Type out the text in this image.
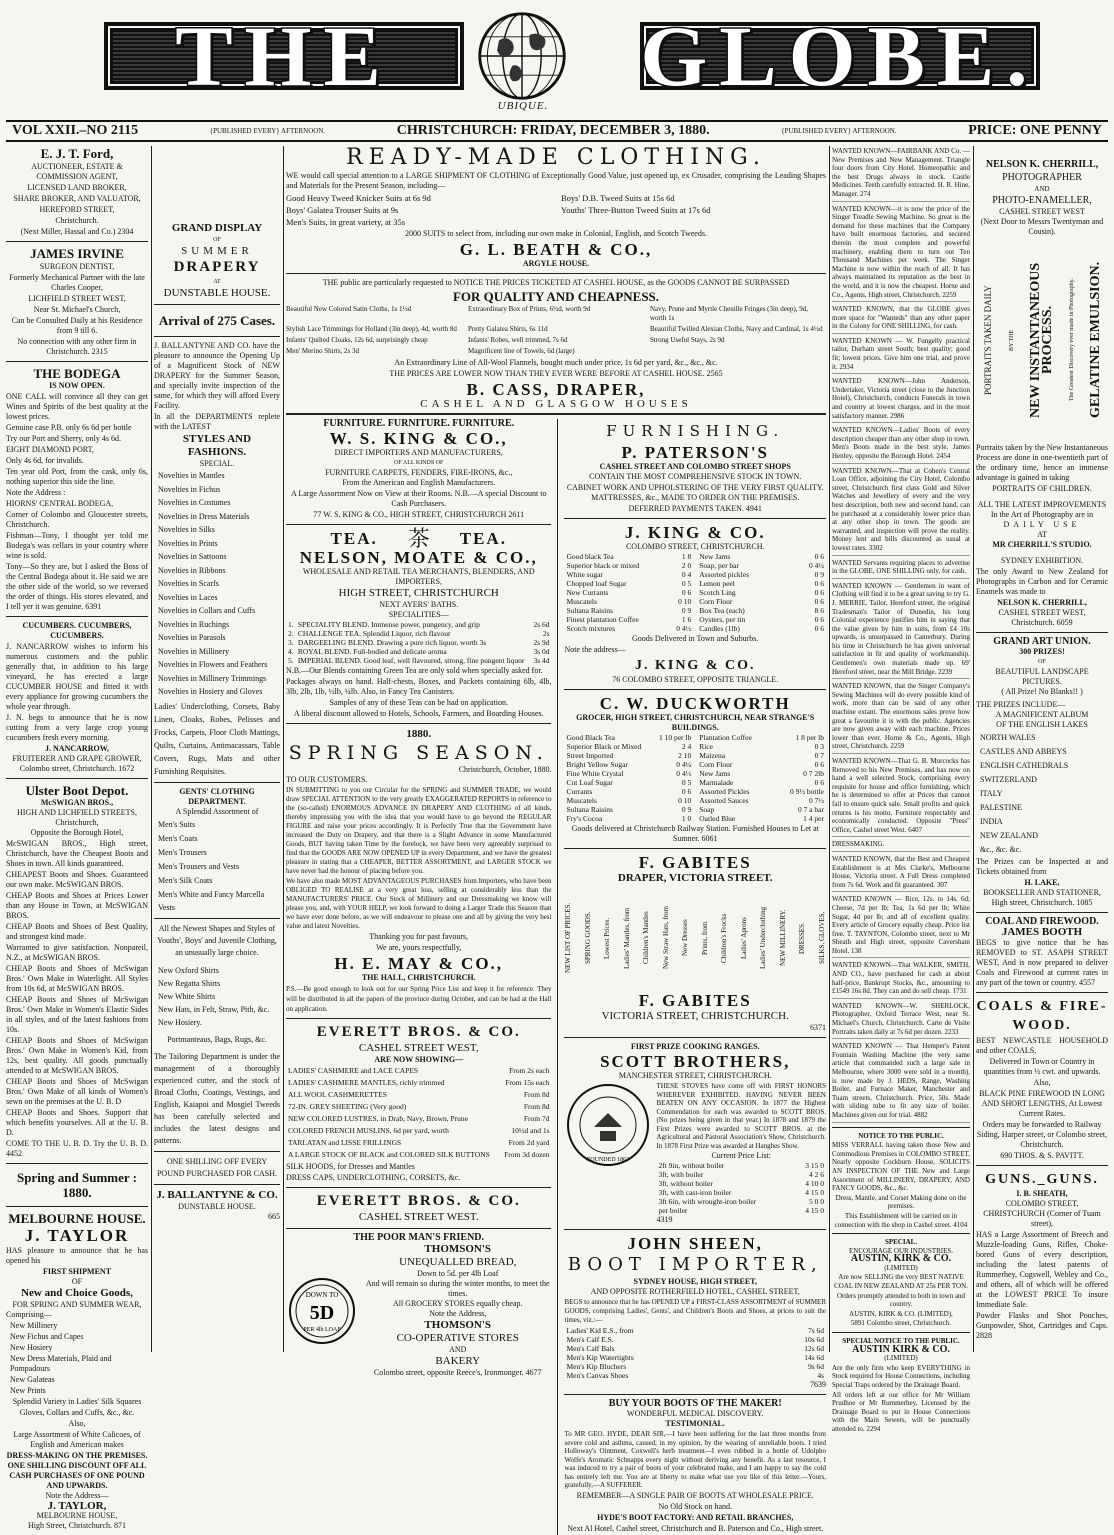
THE
UBIQUE.
GLOBE.
VOL XXII.–NO 2115	{PUBLISHED EVERY} AFTERNOON.	CHRISTCHURCH: FRIDAY, DECEMBER 3, 1880.	{PUBLISHED EVERY} AFTERNOON.	PRICE: ONE PENNY
E. J. T. Ford,

AUCTIONEER, ESTATE & COMMISSION AGENT,

LICENSED LAND BROKER,

SHARE BROKER, AND VALUATOR,

HEREFORD STREET,

Christchurch.

(Next Miller, Hassal and Co.) 2304

JAMES IRVINE

SURGEON DENTIST,

Formerly Mechanical Partner with the late Charles Cooper,

LICHFIELD STREET WEST,

Near St. Michael's Church,

Can be Consulted Daily at his Residence from 9 till 6.

No connection with any other firm in Christchurch. 2315

THE BODEGA
IS NOW OPEN.

ONE CALL will convince all they can get Wines and Spirits of the best quality at the lowest prices.

Genuine case P.B. only 6s 6d per bottle

Try our Port and Sherry, only 4s 6d.

EIGHT DIAMOND PORT,

Only 4s 6d, for invalids.

Ten year old Port, from the cask, only 6s, nothing superior this side the line.

Note the Address :

HIORNS' CENTRAL BODEGA,

Corner of Colombo and Gloucester streets, Christchurch.

Fishman—Tony, I thought yer told me Bodega's was cellars in your country where wine is sold.

Tony—So they are, but I asked the Boss of the Central Bodega about it. He said we are the other side of the world, so we reversed the order of things. His stores elevated, and I tell yer it was genuine. 6391

CUCUMBERS. CUCUMBERS, CUCUMBERS.

J. NANCARROW wishes to inform his numerous customers and the public generally that, in addition to his large vineyard, he has erected a large CUCUMBER HOUSE and fitted it with every appliance for growing cucumbers the whole year through.

J. N. begs to announce that he is now cutting from a very large crop young cucumbers fresh every morning.

J. NANCARROW,
FRUITERER AND GRAPE GROWER,
Colombo street, Christchurch. 1672
Ulster Boot Depot.
McSWIGAN BROS.,
HIGH AND LICHFIELD STREETS, Christchurch,
Opposite the Borough Hotel,

McSWIGAN BROS., High street, Christchurch, have the Cheapest Boots and Shoes in town. All kinds guaranteed.

CHEAPEST Boots and Shoes. Guaranteed our own make. McSWIGAN BROS.

CHEAP Boots and Shoes at Prices Lower than any House in Town, at McSWIGAN BROS.

CHEAP Boots and Shoes of Best Quality, and strongest kind made.

Warranted to give satisfaction. Nonpareil, N.Z., at McSWIGAN BROS.

CHEAP Boots and Shoes of McSwigan Bros.' Own Make in Waterlight. All Styles from 10s 6d, at McSWIGAN BROS.

CHEAP Boots and Shoes of McSwigan Bros.' Own Make in Women's Elastic Sides in all styles, and of the latest fashions from 10s.

CHEAP Boots and Shoes of McSwigan Bros.' Own Make in Women's Kid, from 12s, best quality. All goods punctually attended to at McSWIGAN BROS.

CHEAP Boots and Shoes of McSwigan Bros.' Own Make of all kinds of Women's sewn on the premises at the U. B. D

CHEAP Boots and Shoes. Support that which benefits yourselves. All at the U. B. D.

COME TO THE U. B. D. Try the U. B. D. 4452

Spring and Summer : 1880.
MELBOURNE HOUSE.
J. TAYLOR

HAS pleasure to announce that he has opened his

FIRST SHIPMENT
OF
New and Choice Goods,
FOR SPRING AND SUMMER WEAR,
Comprising—

New Millinery

New Fichus and Capes

New Hosiery

New Dress Materials, Plaid and Pompadours

New Galateas

New Prints

Splendid Variety in Ladies' Silk Squares

Gloves, Collars and Cuffs, &c., &c.

Also,

Large Assortment of White Calicoes, of English and American makes

DRESS-MAKING ON THE PREMISES.
ONE SHILLING DISCOUNT OFF ALL CASH PURCHASES OF ONE POUND AND UPWARDS.
Note the Address—
J. TAYLOR,
MELBOURNE HOUSE,
High Street, Christchurch. 871
GRAND DISPLAY
OF
SUMMER
DRAPERY
AT
DUNSTABLE HOUSE.
Arrival of 275 Cases.

J. BALLANTYNE AND CO. have the pleasure to announce the Opening Up of a Magnificent Stock of NEW DRAPERY for the Summer Season, and specially invite inspection of the same, for which they will afford Every Facility.

In all the DEPARTMENTS replete with the LATEST

STYLES AND FASHIONS.
SPECIAL.

Novelties in Mantles

Novelties in Fichus

Novelties in Costumes

Novelties in Dress Materials

Novelties in Silks

Novelties in Prints

Novelties in Sattoons

Novelties in Ribbons

Novelties in Scarfs

Novelties in Laces

Novelties in Collars and Cuffs

Novelties in Ruchings

Novelties in Parasols

Novelties in Millinery

Novelties in Flowers and Feathers

Novelties in Millinery Trimmings

Novelties in Hosiery and Gloves

Ladies' Underclothing, Corsets, Baby Linen, Cloaks, Robes, Pelisses and Frocks, Carpets, Floor Cloth Mattings, Quilts, Curtains, Antimacassars, Table Covers, Rugs, Mats and other Furnishing Requisites.

GENTS' CLOTHING DEPARTMENT.
A Splendid Assortment of

Men's Suits

Men's Coats

Men's Trousers

Men's Trousers and Vests

Men's Silk Coats

Men's White and Fancy Marcella Vests

All the Newest Shapes and Styles of Youths', Boys' and Juvenile Clothing, an unusually large choice.

New Oxford Shirts

New Regatta Shirts

New White Shirts

New Hats, in Felt, Straw, Pith, &c.

New Hosiery.

Portmanteaus, Bags, Rugs, &c.

The Tailoring Department is under the management of a thoroughly experienced cutter, and the stock of Broad Cloths, Coatings, Vestings, and English, Kaiapoi and Mosgiel Tweeds has been carefully selected and includes the latest designs and patterns.

ONE SHILLING OFF EVERY POUND PURCHASED FOR CASH.
J. BALLANTYNE & CO.
DUNSTABLE HOUSE.
665
READY-MADE CLOTHING.

WE would call special attention to a LARGE SHIPMENT OF CLOTHING of Exceptionally Good Value, just opened up, ex Crusader, comprising the Leading Shapes and Materials for the Present Season, including—

Good Heavy Tweed Knicker Suits at 6s 9d	Boys' D.B. Tweed Suits at 15s 6d

Boys' Galatea Trouser Suits at 9s	Youths' Three-Button Tweed Suits at 17s 6d

Men's Suits, in great variety, at 35s

2000 SUITS to select from, including our own make in Colonial, English, and Scotch Tweeds.

G. L. BEATH & CO.,
ARGYLE HOUSE.

THE public are particularly requested to NOTICE THE PRICES TICKETED AT CASHEL HOUSE, as the GOODS CANNOT BE SURPASSED

FOR QUALITY AND CHEAPNESS.

Beautiful New Colored Satin Cloths, 1s 1½d	Extraordinary Box of Prints, 6½d, worth 9d	Navy, Prune and Myrtle Chenille Fringes (3in deep), 9d, worth 1s

Stylish Lace Trimmings for Holland (3in deep), 4d, worth 8d	Pretty Galatea Shirts, 6s 11d	Beautiful Twilled Alexian Cloths, Navy and Cardinal, 1s 4½d

Infants' Quilted Cloaks, 12s 6d, surprisingly cheap	Infants' Robes, well trimmed, 7s 6d	Strong Useful Stays, 2s 9d

Men' Merino Shirts, 2s 3d	Magnificent line of Towels, 6d (large)

An Extraordinary Line of All-Wool Flannels, bought much under price, 1s 6d per yard, &c., &c., &c.

THE PRICES ARE LOWER NOW THAN THEY EVER WERE BEFORE AT CASHEL HOUSE. 2565

B. CASS, DRAPER,
CASHEL AND GLASGOW HOUSES
FURNITURE. FURNITURE. FURNITURE.
W. S. KING & CO.,
DIRECT IMPORTERS AND MANUFACTURERS,
OF ALL KINDS OF
FURNITURE CARPETS, FENDERS, FIRE-IRONS, &c.,
From the American and English Manufacturers.

A Large Assortment Now on View at their Rooms. N.B.—A special Discount to Cash Purchasers.

77 W. S. KING & CO., HIGH STREET, CHRISTCHURCH 2611

TEA. 茶 TEA.
NELSON, MOATE & CO.,
WHOLESALE AND RETAIL TEA MERCHANTS, BLENDERS, AND IMPORTERS,
HIGH STREET, CHRISTCHURCH
NEXT AYERS' BATHS.
SPECIALITIES—
1.	SPECIALITY BLEND. Immense power, pungency, and grip	2s 6d
2.	CHALLENGE TEA. Splendid Liquor, rich flavour	2s
3.	DARGEELING BLEND. Drawing a pure rich liquor, worth 3s	2s 9d
4.	ROYAL BLEND. Full-bodied and delicate aroma	3s 0d
5.	IMPERIAL BLEND. Good leaf, well flavoured, strong, fine pungent liquor	3s 4d

N.B.—Our Blends containing Green Tea are only sold when specially asked for.

Packages always on hand. Half-chests, Boxes, and Packets containing 6lb, 4lb, 3lb, 2lb, 1lb, ½lb, ¼lb. Also, in Fancy Tea Canisters.

Samples of any of these Teas can be had on application.

A liberal discount allowed to Hotels, Schools, Farmers, and Boarding Houses.

1880.
SPRING SEASON.
Christchurch, October, 1880.
TO OUR CUSTOMERS.

IN SUBMITTING to you our Circular for the SPRING and SUMMER TRADE, we would draw SPECIAL ATTENTION to the very greatly EXAGGERATED REPORTS in reference to the (so-called) ENORMOUS ADVANCE IN DRAPERY AND CLOTHING of all kinds, thereby impressing you with the idea that you would have to go beyond the REGULAR FIGURE and raise your prices accordingly. It is Perfectly True that the Government have increased the Duty on Drapery, and that there is a Slight Advance in some Manufactured Goods, BUT having taken Time by the forelock, we have been very agreeably surprised to find that the GOODS ARE NOW OPENED UP in every Department, and we have the greatest pleasure in stating that a CHEAPER, BETTER ASSORTMENT, and LARGER STOCK we have never had the honour of placing before you.

We have also made MOST ADVANTAGEOUS PURCHASES from Importers, who have been OBLIGED TO REALISE at a very great loss, selling at considerably less than the MANUFACTURERS' PRICE. Our Stock of Millinery and our Dressmaking we know will please you, and, with YOUR HELP, we look forward to doing a Larger Trade this Season than we have ever done before, as we will endeavour to please one and all by giving the very best value and latest Novelties.

Thanking you for past favours,

We are, yours respectfully,

H. E. MAY & CO.,
THE HALL, CHRISTCHURCH.

P.S.—Be good enough to look out for our Spring Price List and keep it for reference. They will be distributed in all the papers of the province during October, and can be had at the Hall on application.

EVERETT BROS. & CO.
CASHEL STREET WEST,
ARE NOW SHOWING—
LADIES' CASHMERE and LACE CAPES	From 2s each
LADIES' CASHMERE MANTLES, richly trimmed	From 15s each
ALL WOOL CASHMERETTES	From 8d
72-IN. GREY SHEETING (Very good)	From 8d
NEW COLORED LUSTRES, in Drab, Navy, Brown, Prune	From 7d
COLORED FRENCH MUSLINS, 6d per yard, worth	10½d and 1s
TARLATAN and LISSE FRILLINGS	From 2d yard
A LARGE STOCK OF BLACK and COLORED SILK BUTTONS	From 3d dozen

SILK HOODS, for Dresses and Mantles

DRESS CAPS, UNDERCLOTHING, CORSETS, &c.

EVERETT BROS. & CO.
CASHEL STREET WEST.
THE POOR MAN'S FRIEND.
DOWN TO
5D
PER 4lb LOAF
THOMSON'S
UNEQUALLED BREAD,
Down to 5d. per 4lb Loaf
And will remain so during the winter months, to meet the times.
All GROCERY STORES equally cheap.
Note the Address,
THOMSON'S
CO-OPERATIVE STORES
AND
BAKERY
Colombo street, opposite Reece's, Ironmonger. 4677
FURNISHING.
P. PATERSON'S
CASHEL STREET AND COLOMBO STREET SHOPS
CONTAIN THE MOST COMPREHENSIVE STOCK IN TOWN.

CABINET WORK AND UPHOLSTERING OF THE VERY FIRST QUALITY. MATTRESSES, &c., MADE TO ORDER ON THE PREMISES.

DEFERRED PAYMENTS TAKEN. 4941

J. KING & CO.
COLOMBO STREET, CHRISTCHURCH.
Good black Tea	1 8
Superior black or mixed	2 0
White sugar	0 4
Chopped loaf Sugar	0 5
New Currants	0 6
Muscatels	0 10
Sultana Raisins	0 9
Finest plantation Coffee	1 6
Scotch mixtures	0 4½
New Jams	0 6
Soap, per bar	0 4½
Assorted pickles	0 9
Lemon peel	0 6
Scotch Ling	0 6
Corn Flour	0 6
Box Tea (each)	8 6
Oysters, per tin	0 6
Candles (1lb)	0 6

Goods Delivered in Town and Suburbs.

Note the address—

J. KING & CO.
76 COLOMBO STREET, OPPOSITE TRIANGLE.
C. W. DUCKWORTH
GROCER, HIGH STREET, CHRISTCHURCH, NEAR STRANGE'S BUILDINGS.
Good Black Tea	1 10 per lb
Superior Black or Mixed	2 4
Street Imported	2 10
Bright Yellow Sugar	0 4¼
Fine White Crystal	0 4½
Cut Loaf Sugar	0 5
Currants	0 6
Muscatels	0 10
Sultana Raisins	0 9
Fry's Cocoa	1 0
Plantation Coffee	1 8 per lb
Rice	0 3
Maizena	0 7
Corn Flour	0 6
New Jams	0 7 2lb
Marmalade	0 6
Assorted Pickles	0 9½ bottle
Assorted Sauces	0 7½
Soap	0 7 a bar
Oatled Blue	1 4 per

Goods delivered at Christchurch Railway Station. Furnished Houses to Let at Sumner. 6061

F. GABITES
DRAPER, VICTORIA STREET.
NEW LIST OF PRICES. SPRING GOODS. Lowest Prices. Ladies' Mantles, from Children's Mantles New Straw Hats, from New Dresses Prints, from Children's Frocks Ladies' Aprons Ladies' Underclothing NEW MILLINERY. DRESSES. SILKS, GLOVES,
F. GABITES
VICTORIA STREET, CHRISTCHURCH.
6371
FIRST PRIZE COOKING RANGES.
SCOTT BROTHERS,
MANCHESTER STREET, CHRISTCHURCH.
FOUNDED 1863

THESE STOVES have come off with FIRST HONORS WHEREVER EXHIBITED, HAVING NEVER BEEN BEATEN ON ANY OCCASION. In 1877 the Highest Commendation for each was awarded to SCOTT BROS. (No prizes being given in that year.) In 1878 and 1879 the First Prizes were awarded to SCOTT BROS. at the Agricultural and Pastoral Association's Show, Christchurch. In 1878 First Prize was awarded at Hanghes Show.

Current Price List:
2ft 9in, without boiler	3 15 0
3ft, with boiler	4 2 6
3ft, without boiler	4 10 0
3ft, with cast-iron boiler	4 15 0
3ft 6in, with wrought-iron boiler	5 0 0
per boiler	4 15 0
4319
JOHN SHEEN,
BOOT IMPORTER,
SYDNEY HOUSE, HIGH STREET,
AND OPPOSITE ROTHERFIELD HOTEL, CASHEL STREET,

BEGS to announce that he has OPENED UP a FIRST-CLASS ASSORTMENT of SUMMER GOODS, comprising Ladies', Gents', and Children's Boots and Shoes, at prices to suit the times, viz.:—

Ladies' Kid E.S., from	7s 6d
Men's Calf E.S.	10s 6d
Men's Calf Bals	12s 6d
Men's Kip Watertights	14s 6d
Men's Kip Bluchers	9s 6d
Men's Canvas Shoes	4s
7639
BUY YOUR BOOTS OF THE MAKER!
WONDERFUL MEDICAL DISCOVERY.
TESTIMONIAL.

To MR GEO. HYDE, DEAR SIR,—I have been suffering for the last three months from severe cold and asthma, caused, in my opinion, by the wearing of unreliable boots. I tried Holloway's Ointment, Coxwell's herb treatment—I even rubbed in a bottle of Udolpho Wolfe's Aromatic Schnapps every night without deriving any benefit. As a last resource, I was induced to try a pair of boots of your celebrated make, and I am happy to say the cold has entirely left me. You are at liberty to make what use you like of this letter.—Yours, gratefully,—A SUFFERER.

REMEMBER—A SINGLE PAIR OF BOOTS AT WHOLESALE PRICE.

No Old Stock on hand.

HYDE'S BOOT FACTORY: AND RETAIL BRANCHES,

Next Al Hotel, Cashel street, Christchurch and B. Paterson and Co., High street.

WANTED KNOWN—FAIRBANK AND Co. — New Premises and New Management. Triangle four doors from City Hotel. Homeopathic and the best Drugs always in stock. Castle Medicines. Teeth carefully extracted. H. R. Hine, Manager. 274

WANTED KNOWN—it is now the price of the Singer Treadle Sewing Machine. So great is the demand for these machines that the Company have built enormous factories, and secured therein the most complete and powerful machinery, enabling them to turn out Ten Thousand Machines per week. The Singer Machine is now within the reach of all. It has always maintained its reputation as the best in the world, and it is now the cheapest. Horne and Co., Agents, High street, Christchurch. 2259

WANTED KNOWN, that the GLOBE gives more space for "Wanteds" than any other paper in the Colony for ONE SHILLING, for cash.

WANTED KNOWN — W. Fungelly practical tailor, Durham street South; best quality; good fit; lowest prices. Give him one trial, and prove it. 2934

WANTED KNOWN—John Anderson, Undertaker, Victoria street (close to the Junction Hotel), Christchurch, conducts Funerals in town and country at lowest charges, and in the most satisfactory manner. 2986

WANTED KNOWN—Ladies' Boots of every description cheaper than any other shop in town. Men's Boots made in the best style. James Henley, opposite the Borough Hotel. 2454

WANTED KNOWN—That at Cohen's Central Loan Office, adjoining the City Hotel, Colombo street, Christchurch first class Gold and Silver Watches and Jewellery of every and the very best description, both new and second hand, can be purchased at a considerably lower price than at any other shop in town. The goods are warranted, and inspection will prove the reality. Money lent and bills discounted as usual at lowest rates. 3302

WANTED Servants requiring places to advertise in the GLOBE, ONE SHILLING only, for cash.

WANTED KNOWN — Gentlemen in want of Clothing will find it to be a great saving to try G. J. MERRIE, Tailor, Hereford street, the original Tradesman's Tailor of Dunedin, his long Colonial experience justifies him in saying that the value given by him in suits, from £4 10s upwards, is unsurpassed in Canterbury. During his time in Christchurch he has given universal satisfaction in fit and quality of workmanship. Gentlemen's own materials made up. 69' Hereford street, near the Mill Bridge. 2239

WANTED KNOWN, that the Singer Company's Sewing Machines will do every possible kind of work, more than can be said of any other machine extant. The enormous sales prove how great a favourite it is with the public. Agencies are now given away with each machine. Prices lower than ever. Horne & Co., Agents, High street, Christchurch. 2259

WANTED KNOWN—That G. B. Murcocks has Removed to his New Premises, and has now on hand a well selected Stock, comprising every requisite for house and office furnishing, which he is determined to offer at Prices that cannot fail to ensure quick sale. Small profits and quick returns is his motto. Furniture respectably and economically conducted. Opposite "Press" Office, Cashel street West. 6407

DRESSMAKING.

WANTED KNOWN, that the Best and Cheapest Establishment is at Mrs Clarke's, Melbourne House, Victoria street. A Full Dress completed from 7s 6d. Work and fit guaranteed. 307

WANTED KNOWN — Rice, 12s. to 14s. 6d; Cheese, 7d per lb; Tea, 1s 6d per lb; White Sugar, 4d per lb; and all of excellent quality. Every article of Grocery equally cheap. Price list free. T. TAYNTON, Colombo street, next to Mr Sheath and High street, opposite Caversham Hotel. 138

WANTED KNOWN—That WALKER, SMITH, AND CO., have purchased for cash at about half-price, Bankrupt Stocks, &c., amounting to £1549 16s 8d. They can and do sell cheap. 1731

WANTED KNOWN—W. SHERLOCK, Photographer, Oxford Terrace West, near St. Michael's Church, Christchurch. Carte de Visite Portraits taken daily at 7s 6d per dozen. 2233

WANTED KNOWN — That Hemper's Patent Fountain Washing Machine (the very same article that commanded such a large sale in Melbourne, where 3000 were sold in a month), is now made by J. HEDS, Range, Washing Boiler, and Furnace Maker, Manchester and Tuam streets, Christchurch. Price, 50s. Made with sliding tube to fit any size of boiler. Machines given out for trial. 4882

NOTICE TO THE PUBLIC.

MISS VERRALL having taken those New and Commodious Premises in COLOMBO STREET, Nearly opposite Cockburn House, SOLICITS AN INSPECTION OF THE New and Large Assortment of MILLINERY, DRAPERY, AND FANCY GOODS, &c., &c.

Dress, Mantle, and Corset Making done on the premises.

This Establishment will be carried on in connection with the shop in Cashel street. 4104

SPECIAL.
ENCOURAGE OUR INDUSTRIES.
AUSTIN, KIRK & CO.
(LIMITED)

Are now SELLING the very BEST NATIVE COAL IN NEW ZEALAND AT 25s PER TON.

Orders promptly attended to both in town and country.

AUSTIN, KIRK & CO. (LIMITED),

5891 Colombo street, Christchurch.

SPECIAL NOTICE TO THE PUBLIC.
AUSTIN KIRK & CO.
(LIMITED)

Are the only firm who keep EVERYTHING in Stock required for House Connections, including Special Traps ordered by the Drainage Board.

All orders left at our office for Mr William Prudhoe or Mr Rummerhey, Licensed by the Drainage Board to put in House Connections with the Main Sewers, will be punctually attended to. 2294

NELSON K. CHERRILL,
PHOTOGRAPHER
AND
PHOTO-ENAMELLER,
CASHEL STREET WEST
(Next Door to Messrs Twentyman and Cousin).
PORTRAITS TAKEN DAILY	BY THE NEW INSTANTANEOUS PROCESS.	The Greatest Discovery ever made in Photography. GELATINE EMULSION.

Portraits taken by the New Instantaneous Process are done in one-twentieth part of the ordinary time, hence an immense advantage is gained in taking

PORTRAITS OF CHILDREN.
ALL THE LATEST IMPROVEMENTS
In the Art of Photography are in
DAILY USE
AT
MR CHERRILL'S STUDIO.
SYDNEY EXHIBITION.

The only Award to New Zealand for Photographs in Carbon and for Ceramic Enamels was made to

NELSON K. CHERRILL,
CASHEL STREET WEST,
Christchurch. 6059
GRAND ART UNION.
300 PRIZES!
OF
BEAUTIFUL LANDSCAPE PICTURES.
( All Prize! No Blanks!! )
THE PRIZES INCLUDE—
A MAGNIFICENT ALBUM
OF THE ENGLISH LAKES

NORTH WALES

CASTLES AND ABBEYS

ENGLISH CATHEDRALS

SWITZERLAND

ITALY

PALESTINE

INDIA

NEW ZEALAND

&c., &c. &c.

The Prizes can be Inspected at and Tickets obtained from

H. LAKE,
BOOKSELLER AND STATIONER,
High street, Christchurch. 1085
COAL AND FIREWOOD.
JAMES BOOTH

BEGS to give notice that he has REMOVED to ST. ASAPH STREET WEST, And is now prepared to deliver Coals and Firewood at current rates in any part of the town or country. 4557

COALS & FIRE-
WOOD.

BEST NEWCASTLE HOUSEHOLD and other COALS,

Delivered in Town or Country in quantities from ½ cwt. and upwards.

Also,

BLACK PINE FIREWOOD IN LONG AND SHORT LENGTHS, At Lowest Current Rates.

Orders may be forwarded to Railway Siding, Harper street, or Colombo street, Christchurch.

690 THOS. & S. PAVITT.

GUNS._GUNS.
I. B. SHEATH,
COLOMBO STREET, CHRISTCHURCH (Corner of Tuam street),

HAS a Large Assortment of Breech and Muzzle-loading Guns, Rifles, Choke-bored Guns of every description, including the latest patents of Rummerhey, Cogswell, Webley and Co., and others, all of which will be offered at the LOWEST PRICE To insure Immediate Sale.

Powder Flasks and Shot Pouches, Gunpowder, Shot, Cartridges and Caps. 2828
